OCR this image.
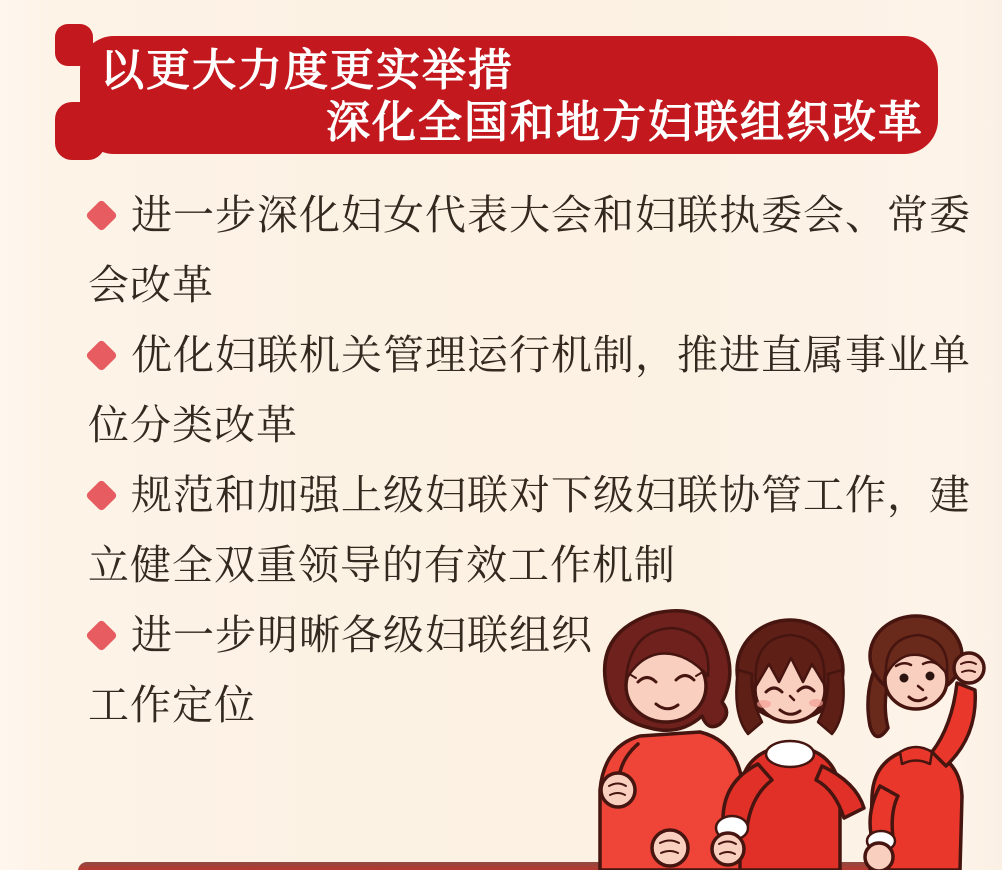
以更大力度更实举措
深化全国和地方妇联组织改革
进一步深化妇女代表大会和妇联执委会、常委
会改革
优化妇联机关管理运行机制，推进直属事业单
位分类改革
规范和加强上级妇联对下级妇联协管工作，建
立健全双重领导的有效工作机制
进一步明晰各级妇联组织
工作定位
